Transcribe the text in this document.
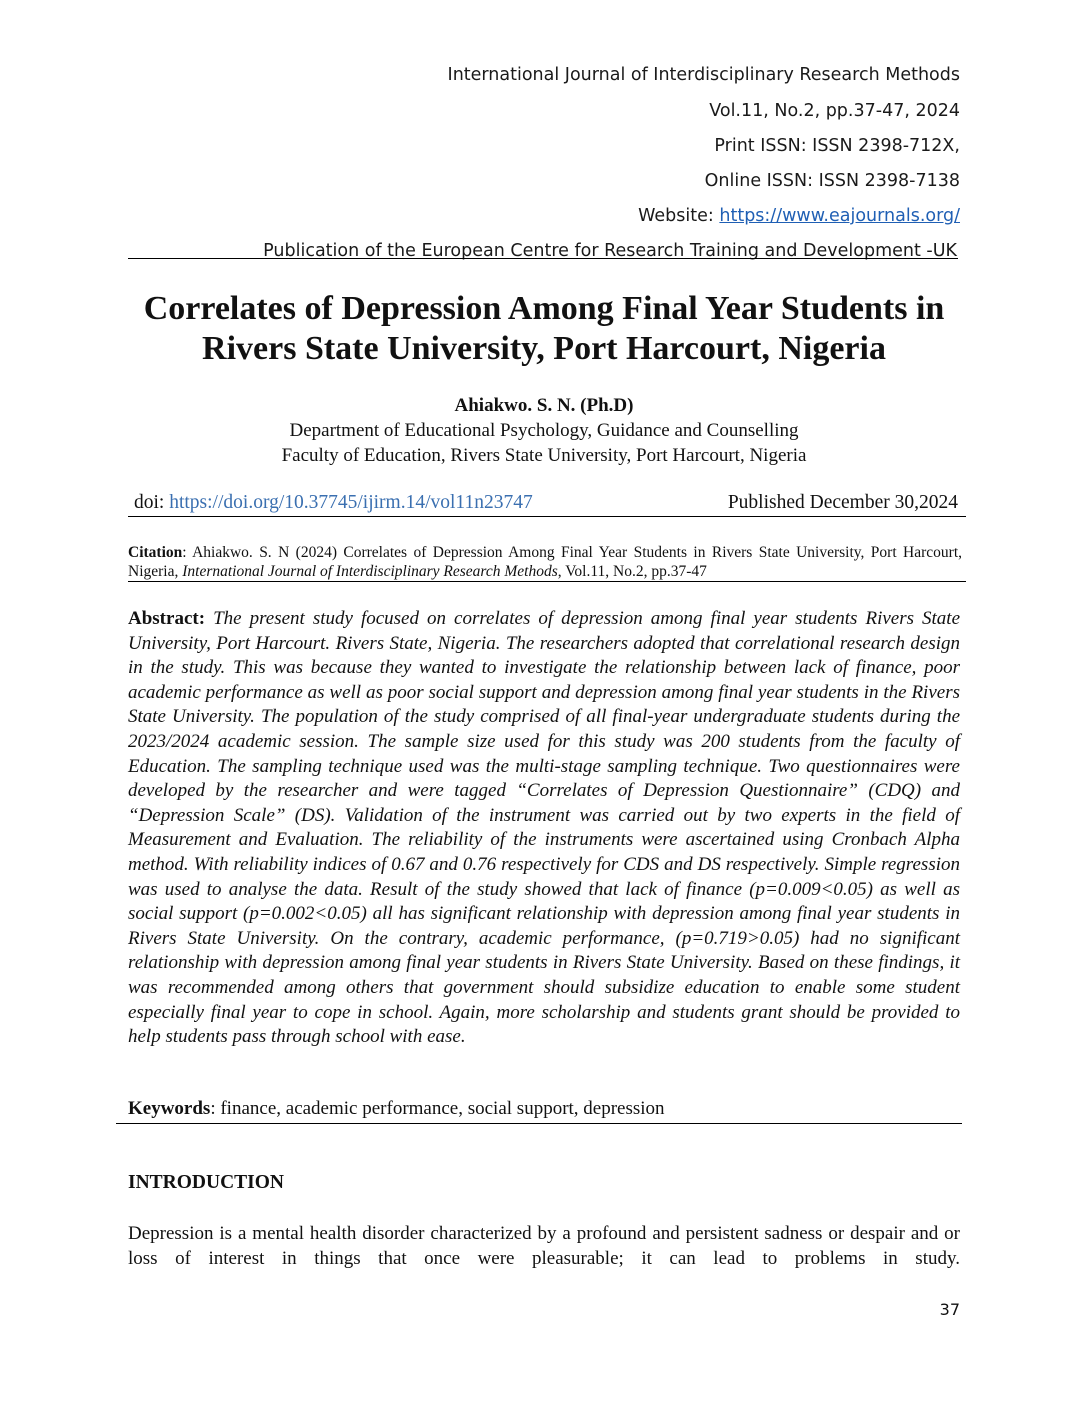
International Journal of Interdisciplinary Research Methods
Vol.11, No.2, pp.37-47, 2024
Print ISSN: ISSN 2398-712X,
Online ISSN: ISSN 2398-7138
Website: https://www.eajournals.org/
Publication of the European Centre for Research Training and Development -UK
Correlates of Depression Among Final Year Students in Rivers State University, Port Harcourt, Nigeria
Ahiakwo. S. N. (Ph.D)
Department of Educational Psychology, Guidance and Counselling
Faculty of Education, Rivers State University, Port Harcourt, Nigeria
doi: https://doi.org/10.37745/ijirm.14/vol11n23747	Published December 30,2024
Citation: Ahiakwo. S. N (2024) Correlates of Depression Among Final Year Students in Rivers State University, Port Harcourt, Nigeria, International Journal of Interdisciplinary Research Methods, Vol.11, No.2, pp.37-47
Abstract: The present study focused on correlates of depression among final year students Rivers State University, Port Harcourt. Rivers State, Nigeria. The researchers adopted that correlational research design in the study. This was because they wanted to investigate the relationship between lack of finance, poor academic performance as well as poor social support and depression among final year students in the Rivers State University. The population of the study comprised of all final-year undergraduate students during the 2023/2024 academic session. The sample size used for this study was 200 students from the faculty of Education. The sampling technique used was the multi-stage sampling technique. Two questionnaires were developed by the researcher and were tagged “Correlates of Depression Questionnaire” (CDQ) and “Depression Scale” (DS). Validation of the instrument was carried out by two experts in the field of Measurement and Evaluation. The reliability of the instruments were ascertained using Cronbach Alpha method. With reliability indices of 0.67 and 0.76 respectively for CDS and DS respectively. Simple regression was used to analyse the data. Result of the study showed that lack of finance (p=0.009<0.05) as well as social support (p=0.002<0.05) all has significant relationship with depression among final year students in Rivers State University. On the contrary, academic performance, (p=0.719>0.05) had no significant relationship with depression among final year students in Rivers State University. Based on these findings, it was recommended among others that government should subsidize education to enable some student especially final year to cope in school. Again, more scholarship and students grant should be provided to help students pass through school with ease.
Keywords: finance, academic performance, social support, depression
INTRODUCTION
Depression is a mental health disorder characterized by a profound and persistent sadness or despair and or loss of interest in things that once were pleasurable; it can lead to problems in study.
37
